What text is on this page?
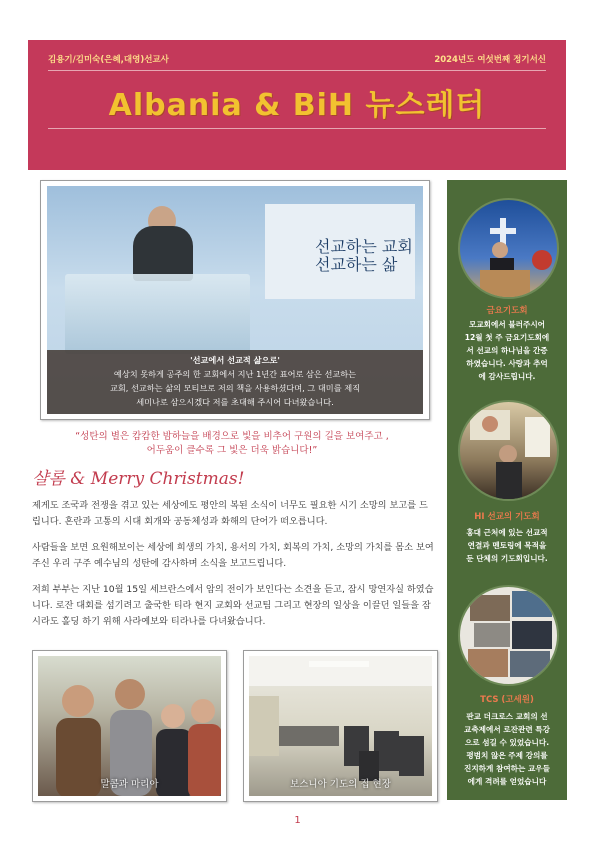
김용기/김미숙(은혜,대영)선교사	2024년도 여섯번째 정기서신
Albania & BiH 뉴스레터
선교하는 교회
선교하는 삶
'선교에서 선교적 삶으로'
예상치 못하게 공주의 한 교회에서 지난 1년간 표어로 삼은 선교하는
교회, 선교하는 삶의 모티브로 저의 책을 사용하셨다며, 그 대미를 제직
세미나로 삼으시겠다 저를 초대해 주시어 다녀왔습니다.
“성탄의 별은 캄캄한 밤하늘을 배경으로 빛을 비추어 구원의 길을 보여주고 ,
어두움이 클수록 그 빛은 더욱 밝습니다!”
샬롬 & Merry Christmas!
제게도 조국과 전쟁을 겪고 있는 세상에도 평안의 복된 소식이 너무도 필요한 시기 소망의 보고를 드립니다. 혼란과 고통의 시대 회개와 공동체성과 화해의 단어가 떠오릅니다.
사람들을 보면 요원해보이는 세상에 희생의 가치, 용서의 가치, 회복의 가치, 소망의 가치를 몸소 보여주신 우리 구주 예수님의 성탄에 감사하며 소식을 보고드립니다.
저희 부부는 지난 10월 15일 세브란스에서 암의 전이가 보인다는 소견을 듣고, 잠시 망연자실 하였습니다. 로잔 대회를 섬기려고 출국한 티라 현지 교회와 선교팀 그리고 현장의 일상을 이끌던 일들을 잠시라도 홀딩 하기 위해 사라예보와 티라나를 다녀왔습니다.
말콤과 마리아	보스니아 기도의 집 현장
금요기도회
모교회에서 불러주시어
12월 첫 주 금요기도회에
서 선교의 하나님을 간증
하였습니다. 사랑과 추억
에 감사드립니다.
HI 선교의 기도회
홍대 근처에 있는 선교적
연결과 멘토링에 목적을
둔 단체의 기도회입니다.
TCS (고세원)
판교 더크로스 교회의 선
교축제에서 로잔관련 특강
으로 섬길 수 있었습니다.
평범치 않은 주제 강의를
진지하게 참여하는 교우들
에게 격려를 얻었습니다
1
